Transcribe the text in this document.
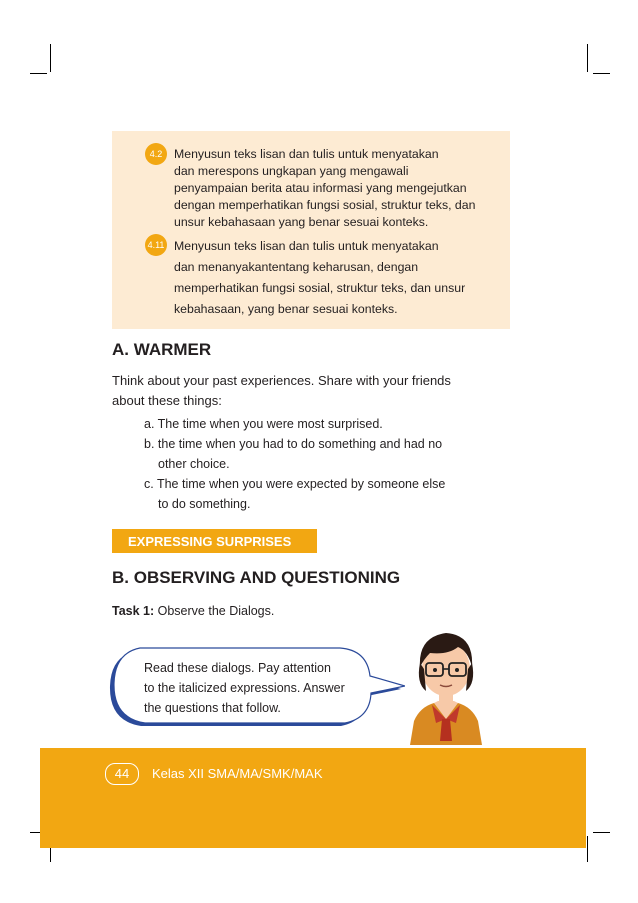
4.2 Menyusun teks lisan dan tulis untuk menyatakan
dan merespons ungkapan yang mengawali
penyampaian berita atau informasi yang mengejutkan
dengan memperhatikan fungsi sosial, struktur teks, dan
unsur kebahasaan yang benar sesuai konteks.
4.11 Menyusun teks lisan dan tulis untuk menyatakan
dan menanyakantentang keharusan, dengan
memperhatikan fungsi sosial, struktur teks, dan unsur
kebahasaan, yang benar sesuai konteks.
A. WARMER
Think about your past experiences. Share with your friends
about these things:
a. The time when you were most surprised.
b. the time when you had to do something and had no
other choice.
c. The time when you were expected by someone else
to do something.
EXPRESSING SURPRISES
B. OBSERVING AND QUESTIONING
Task 1: Observe the Dialogs.
Read these dialogs. Pay attention
to the italicized expressions. Answer
the questions that follow.
44	Kelas XII SMA/MA/SMK/MAK
